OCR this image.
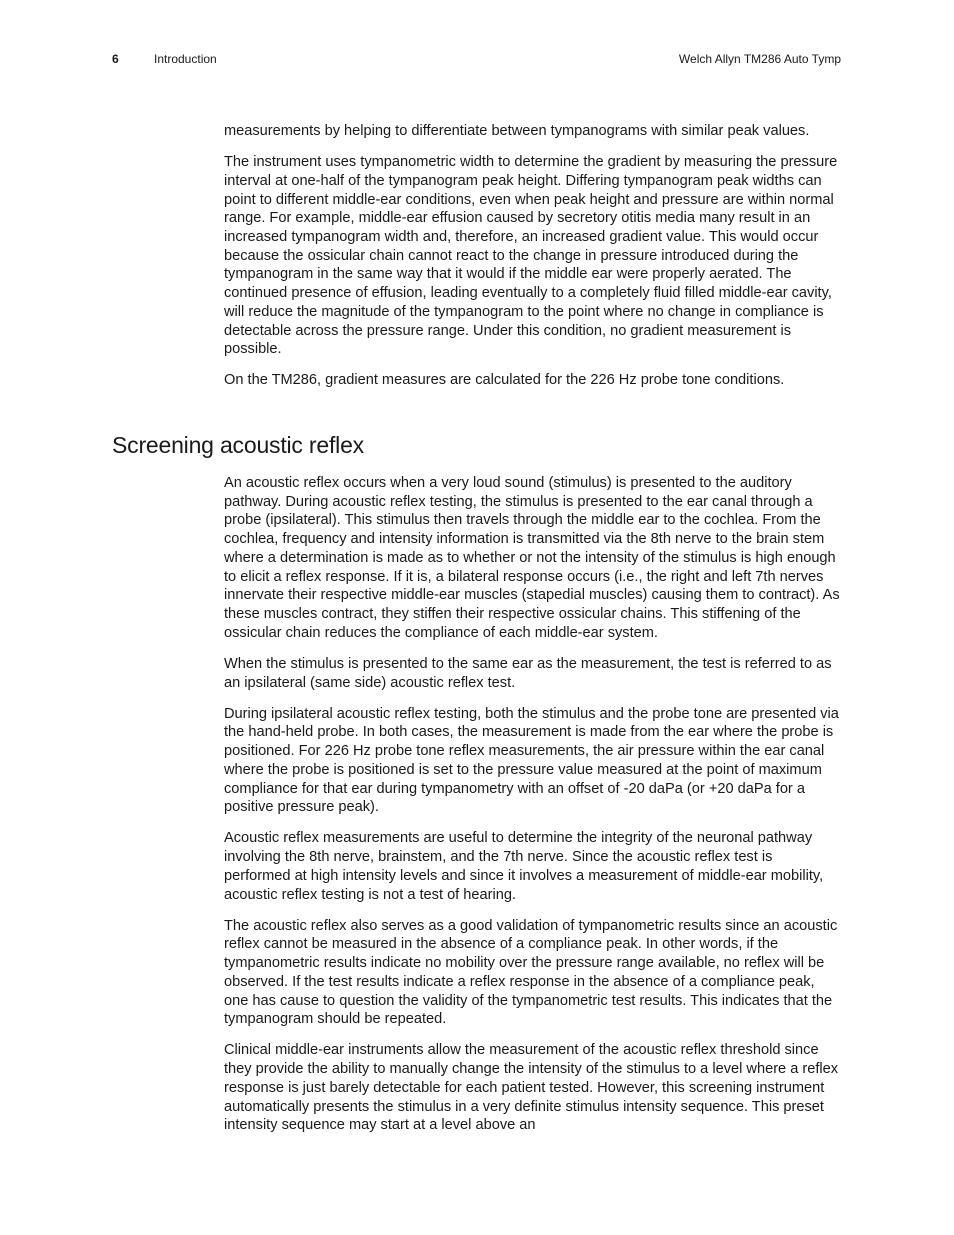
6	Introduction	Welch Allyn TM286 Auto Tymp

measurements by helping to differentiate between tympanograms with similar peak values.

The instrument uses tympanometric width to determine the gradient by measuring the pressure interval at one-half of the tympanogram peak height. Differing tympanogram peak widths can point to different middle-ear conditions, even when peak height and pressure are within normal range. For example, middle-ear effusion caused by secretory otitis media many result in an increased tympanogram width and, therefore, an increased gradient value. This would occur because the ossicular chain cannot react to the change in pressure introduced during the tympanogram in the same way that it would if the middle ear were properly aerated. The continued presence of effusion, leading eventually to a completely fluid filled middle-ear cavity, will reduce the magnitude of the tympanogram to the point where no change in compliance is detectable across the pressure range. Under this condition, no gradient measurement is possible.

On the TM286, gradient measures are calculated for the 226 Hz probe tone conditions.

Screening acoustic reflex

An acoustic reflex occurs when a very loud sound (stimulus) is presented to the auditory pathway. During acoustic reflex testing, the stimulus is presented to the ear canal through a probe (ipsilateral). This stimulus then travels through the middle ear to the cochlea. From the cochlea, frequency and intensity information is transmitted via the 8th nerve to the brain stem where a determination is made as to whether or not the intensity of the stimulus is high enough to elicit a reflex response. If it is, a bilateral response occurs (i.e., the right and left 7th nerves innervate their respective middle-ear muscles (stapedial muscles) causing them to contract). As these muscles contract, they stiffen their respective ossicular chains. This stiffening of the ossicular chain reduces the compliance of each middle-ear system.

When the stimulus is presented to the same ear as the measurement, the test is referred to as an ipsilateral (same side) acoustic reflex test.

During ipsilateral acoustic reflex testing, both the stimulus and the probe tone are presented via the hand-held probe. In both cases, the measurement is made from the ear where the probe is positioned. For 226 Hz probe tone reflex measurements, the air pressure within the ear canal where the probe is positioned is set to the pressure value measured at the point of maximum compliance for that ear during tympanometry with an offset of -20 daPa (or +20 daPa for a positive pressure peak).

Acoustic reflex measurements are useful to determine the integrity of the neuronal pathway involving the 8th nerve, brainstem, and the 7th nerve. Since the acoustic reflex test is performed at high intensity levels and since it involves a measurement of middle-ear mobility, acoustic reflex testing is not a test of hearing.

The acoustic reflex also serves as a good validation of tympanometric results since an acoustic reflex cannot be measured in the absence of a compliance peak. In other words, if the tympanometric results indicate no mobility over the pressure range available, no reflex will be observed. If the test results indicate a reflex response in the absence of a compliance peak, one has cause to question the validity of the tympanometric test results. This indicates that the tympanogram should be repeated.

Clinical middle-ear instruments allow the measurement of the acoustic reflex threshold since they provide the ability to manually change the intensity of the stimulus to a level where a reflex response is just barely detectable for each patient tested. However, this screening instrument automatically presents the stimulus in a very definite stimulus intensity sequence. This preset intensity sequence may start at a level above an
